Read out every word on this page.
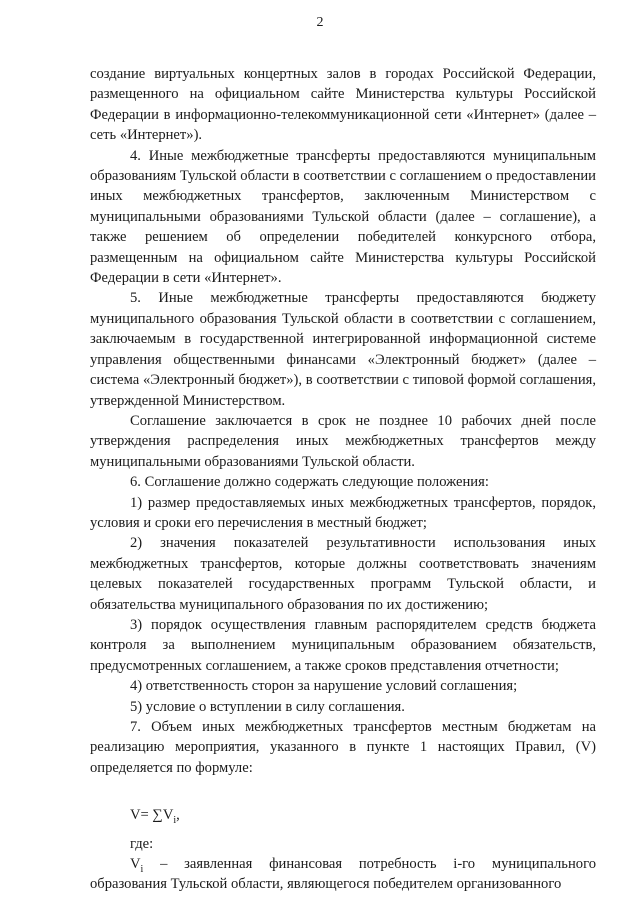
2

создание виртуальных концертных залов в городах Российской Федерации, размещенного на официальном сайте Министерства культуры Российской Федерации в информационно-телекоммуникационной сети «Интернет» (далее – сеть «Интернет»).

4. Иные межбюджетные трансферты предоставляются муниципальным образованиям Тульской области в соответствии с соглашением о предоставлении иных межбюджетных трансфертов, заключенным Министерством с муниципальными образованиями Тульской области (далее – соглашение), а также решением об определении победителей конкурсного отбора, размещенным на официальном сайте Министерства культуры Российской Федерации в сети «Интернет».

5. Иные межбюджетные трансферты предоставляются бюджету муниципального образования Тульской области в соответствии с соглашением, заключаемым в государственной интегрированной информационной системе управления общественными финансами «Электронный бюджет» (далее – система «Электронный бюджет»), в соответствии с типовой формой соглашения, утвержденной Министерством.

Соглашение заключается в срок не позднее 10 рабочих дней после утверждения распределения иных межбюджетных трансфертов между муниципальными образованиями Тульской области.

6. Соглашение должно содержать следующие положения:

1) размер предоставляемых иных межбюджетных трансфертов, порядок, условия и сроки его перечисления в местный бюджет;

2) значения показателей результативности использования иных межбюджетных трансфертов, которые должны соответствовать значениям целевых показателей государственных программ Тульской области, и обязательства муниципального образования по их достижению;

3) порядок осуществления главным распорядителем средств бюджета контроля за выполнением муниципальным образованием обязательств, предусмотренных соглашением, а также сроков представления отчетности;

4) ответственность сторон за нарушение условий соглашения;

5) условие о вступлении в силу соглашения.

7. Объем иных межбюджетных трансфертов местным бюджетам на реализацию мероприятия, указанного в пункте 1 настоящих Правил, (V) определяется по формуле:

$V= \sum V_i$,

где:

$V_i$ – заявленная финансовая потребность i-го муниципального образования Тульской области, являющегося победителем организованного
